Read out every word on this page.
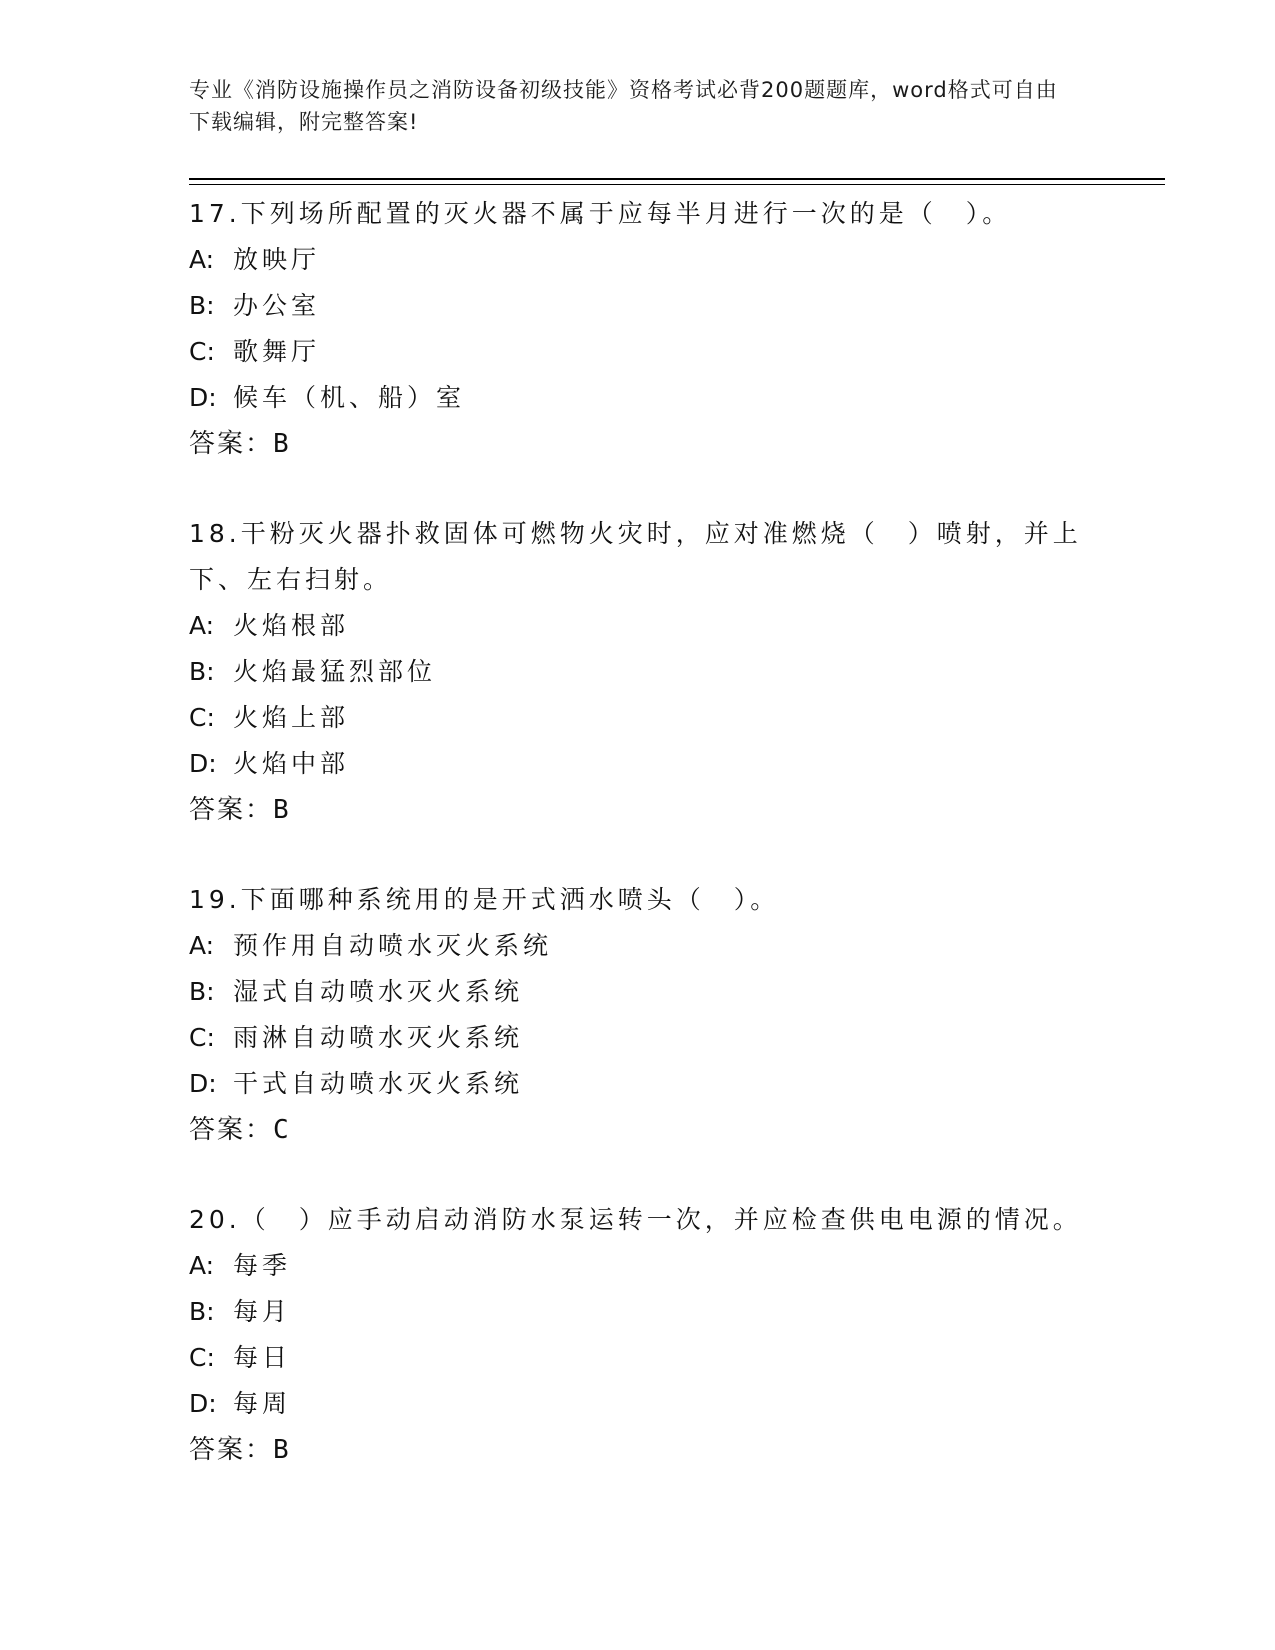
专业《消防设施操作员之消防设备初级技能》资格考试必背200题题库，word格式可自由下载编辑，附完整答案!

17.下列场所配置的灭火器不属于应每半月进行一次的是（　）。

A: 放映厅

B: 办公室

C: 歌舞厅

D: 候车（机、船）室

答案：B

18.干粉灭火器扑救固体可燃物火灾时，应对准燃烧（　）喷射，并上下、左右扫射。

A: 火焰根部

B: 火焰最猛烈部位

C: 火焰上部

D: 火焰中部

答案：B

19.下面哪种系统用的是开式洒水喷头（　）。

A: 预作用自动喷水灭火系统

B: 湿式自动喷水灭火系统

C: 雨淋自动喷水灭火系统

D: 干式自动喷水灭火系统

答案：C

20.（　）应手动启动消防水泵运转一次，并应检查供电电源的情况。

A: 每季

B: 每月

C: 每日

D: 每周

答案：B
